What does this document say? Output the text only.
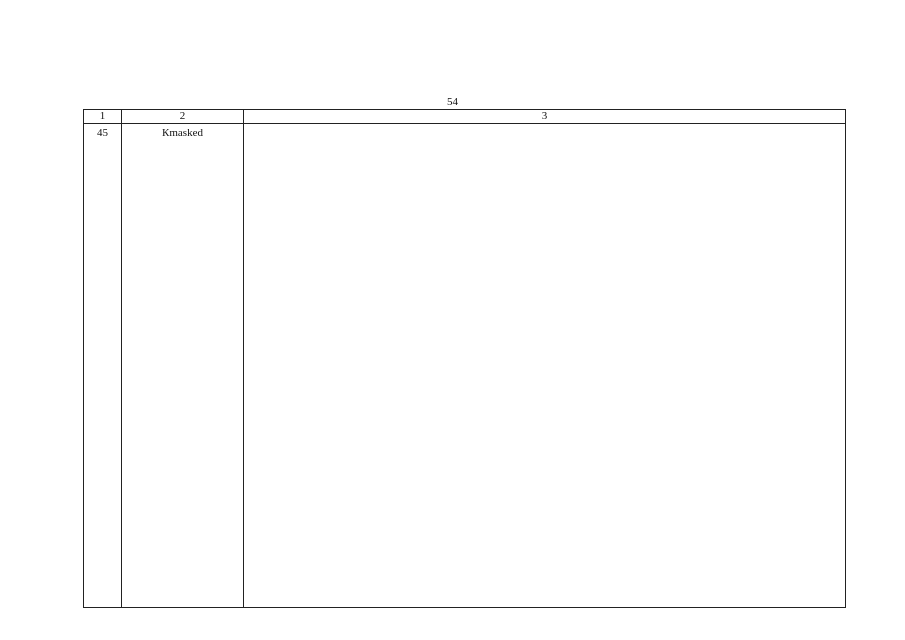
54
1	2	3
45	Кmasked	
